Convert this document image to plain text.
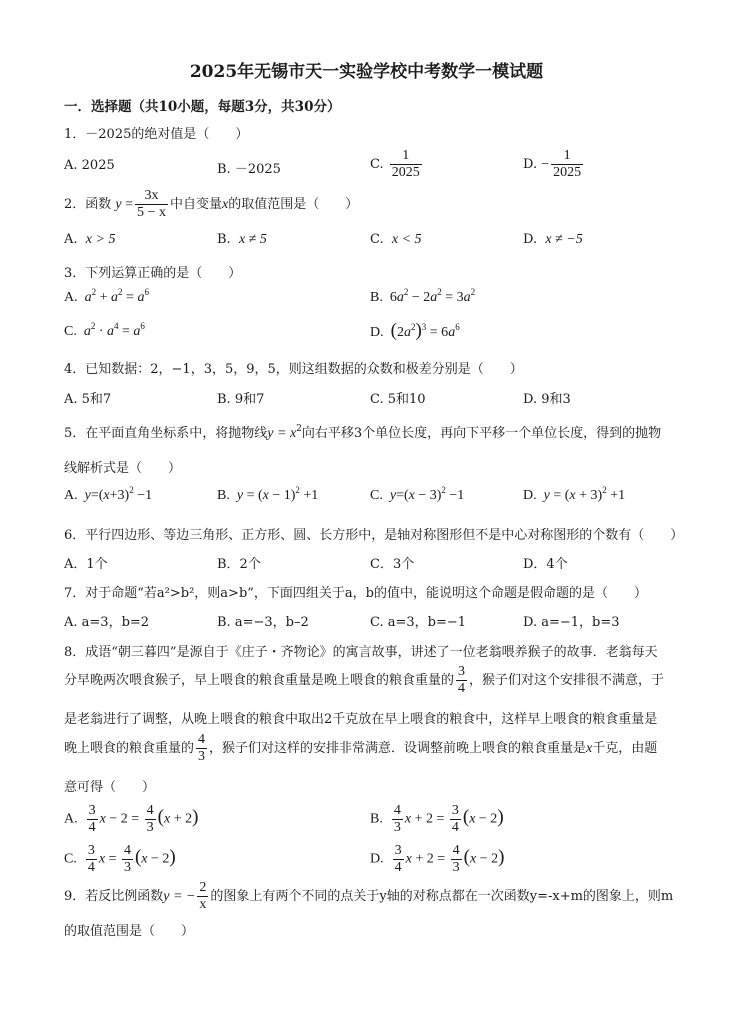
2025年无锡市天一实验学校中考数学一模试题
一．选择题（共10小题，每题3分，共30分）
1．－2025的绝对值是（　　）
A. 2025	B. －2025	C. $\frac{1}{2025}$	D. − $\frac{1}{2025}$
2．函数 $y = \frac{3x}{5 - x}$ 中自变量x的取值范围是（　　）
A. x > 5	B. x ≠ 5	C. x < 5	D. x ≠ −5
3．下列运算正确的是（　　）
A. $a^2 + a^2 = a^6$	B.  $6a^2 - 2a^2 = 3a^2$
C. $a^2 \cdot a^4 = a^6$	D. $(2a^2)^3 = 6a^6$
4．已知数据：2，−1，3，5，9，5，则这组数据的众数和极差分别是（　　）
A. 5和7	B. 9和7	C. 5和10	D. 9和3
5．在平面直角坐标系中，将抛物线$y = x^2$向右平移3个单位长度，再向下平移一个单位长度，得到的抛物
线解析式是（　　）
A. $y=(x+3)^2 -1$	B. $y = (x - 1)^2 +1$	C. $y=(x - 3)^2 -1$	D. $y = (x + 3)^2 +1$
6．平行四边形、等边三角形、正方形、圆、长方形中，是轴对称图形但不是中心对称图形的个数有（　　）
A．1个	B．2个	C．3个	D．4个
7．对于命题“若a²>b²，则a>b”，下面四组关于a，b的值中，能说明这个命题是假命题的是（　　）
A. a=3，b=2	B. a=−3，b–2	C. a=3，b=−1	D. a=−1，b=3
8．成语“朝三暮四”是源自于《庄子・齐物论》的寓言故事，讲述了一位老翁喂养猴子的故事．老翁每天
分早晚两次喂食猴子，早上喂食的粮食重量是晚上喂食的粮食重量的 $\frac{3}{4}$ ，猴子们对这个安排很不满意，于
是老翁进行了调整，从晚上喂食的粮食中取出2千克放在早上喂食的粮食中，这样早上喂食的粮食重量是
晚上喂食的粮食重量的 $\frac{4}{3}$ ，猴子们对这样的安排非常满意．设调整前晚上喂食的粮食重量是x千克，由题
意可得（　　）
A. $\frac{3}{4}$ $x - 2 = \frac{4}{3} (x + 2)$	B. $\frac{4}{3}$ $x + 2 = \frac{3}{4} (x - 2)$
C. $\frac{3}{4}$ $x = \frac{4}{3} (x - 2)$	D. $\frac{3}{4}$ $x + 2 = \frac{4}{3} (x - 2)$
9．若反比例函数y = − $\frac{2}{x}$ 的图象上有两个不同的点关于y轴的对称点都在一次函数y=-x+m的图象上，则m
的取值范围是（　　）
